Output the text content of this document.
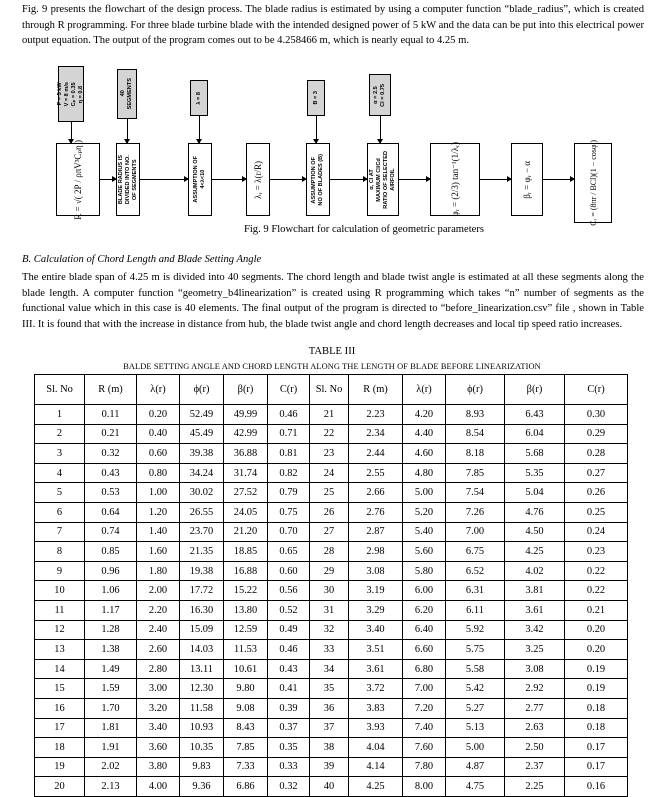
Fig. 9 presents the flowchart of the design process. The blade radius is estimated by using a computer function “blade_radius”, which is created through R programming. For three blade turbine blade with the intended designed power of 5 kW and the data can be put into this electrical power output equation. The output of the program comes out to be 4.258466 m, which is nearly equal to 4.25 m.

P = 5 kW V = 8 m/s Cₚ = 0.35 η = 0.8	40 SEGMENTS	λ = 8	B = 3	α = 2.5 Cl = 0.75
R = √( 2P / ρπV³Cₚη )	BLADE RADIUS IS DIVIDED INTO NO. OF SEGMENTS	ASSUMPTION OF 4<λ<10	λᵣ = λ(r/R)	ASSUMPTION OF NO OF BLADES (B)	α, Cl AT MAXIMUM Cl/Cd RATIO OF SELECTED AIRFOIL	φᵣ = (2/3) tan⁻¹(1/λᵣ)	βᵣ = φᵣ − α	Cᵣ = (8πr / BCl)(1 − cosφᵣ)
Fig. 9 Flowchart for calculation of geometric parameters
B. Calculation of Chord Length and Blade Setting Angle

The entire blade span of 4.25 m is divided into 40 segments. The chord length and blade twist angle is estimated at all these segments along the blade length. A computer function “geometry_b4linearization” is created using R programming which takes “n” number of segments as the functional value which in this case is 40 elements. The final output of the program is directed to “before_linearization.csv” file , shown in Table III. It is found that with the increase in distance from hub, the blade twist angle and chord length decreases and local tip speed ratio increases.

TABLE III
BALDE SETTING ANGLE AND CHORD LENGTH ALONG THE LENGTH OF BLADE BEFORE LINEARIZATION
Sl. No	R (m)	λ(r)	ϕ(r)	β(r)	C(r)	Sl. No	R (m)	λ(r)	ϕ(r)	β(r)	C(r)
1	0.11	0.20	52.49	49.99	0.46	21	2.23	4.20	8.93	6.43	0.30
2	0.21	0.40	45.49	42.99	0.71	22	2.34	4.40	8.54	6.04	0.29
3	0.32	0.60	39.38	36.88	0.81	23	2.44	4.60	8.18	5.68	0.28
4	0.43	0.80	34.24	31.74	0.82	24	2.55	4.80	7.85	5.35	0.27
5	0.53	1.00	30.02	27.52	0.79	25	2.66	5.00	7.54	5.04	0.26
6	0.64	1.20	26.55	24.05	0.75	26	2.76	5.20	7.26	4.76	0.25
7	0.74	1.40	23.70	21.20	0.70	27	2.87	5.40	7.00	4.50	0.24
8	0.85	1.60	21.35	18.85	0.65	28	2.98	5.60	6.75	4.25	0.23
9	0.96	1.80	19.38	16.88	0.60	29	3.08	5.80	6.52	4.02	0.22
10	1.06	2.00	17.72	15.22	0.56	30	3.19	6.00	6.31	3.81	0.22
11	1.17	2.20	16.30	13.80	0.52	31	3.29	6.20	6.11	3.61	0.21
12	1.28	2.40	15.09	12.59	0.49	32	3.40	6.40	5.92	3.42	0.20
13	1.38	2.60	14.03	11.53	0.46	33	3.51	6.60	5.75	3.25	0.20
14	1.49	2.80	13.11	10.61	0.43	34	3.61	6.80	5.58	3.08	0.19
15	1.59	3.00	12.30	9.80	0.41	35	3.72	7.00	5.42	2.92	0.19
16	1.70	3.20	11.58	9.08	0.39	36	3.83	7.20	5.27	2.77	0.18
17	1.81	3.40	10.93	8.43	0.37	37	3.93	7.40	5.13	2.63	0.18
18	1.91	3.60	10.35	7.85	0.35	38	4.04	7.60	5.00	2.50	0.17
19	2.02	3.80	9.83	7.33	0.33	39	4.14	7.80	4.87	2.37	0.17
20	2.13	4.00	9.36	6.86	0.32	40	4.25	8.00	4.75	2.25	0.16
